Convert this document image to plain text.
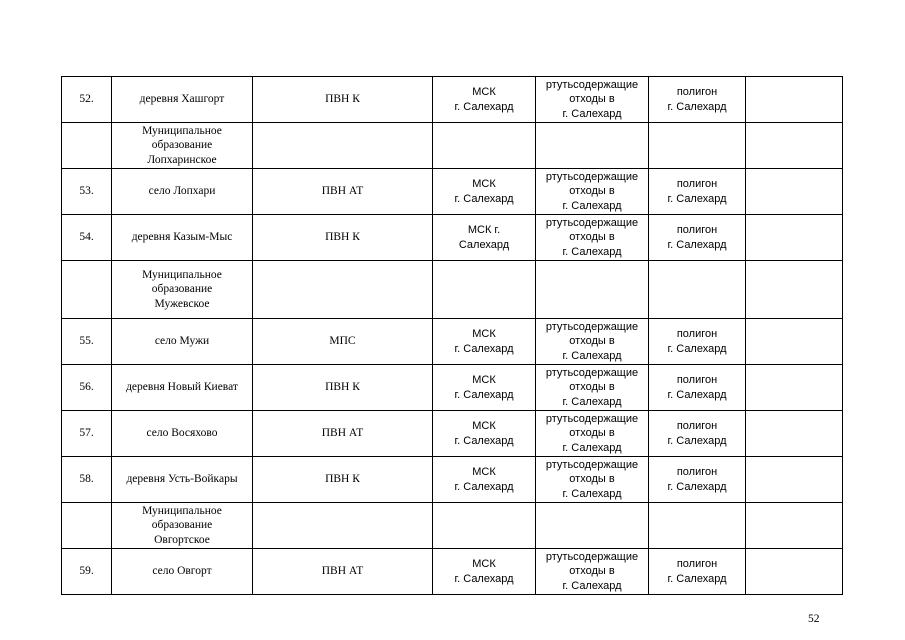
52.	деревня Хашгорт	ПВН К	МСК
г. Салехард	ртутьсодержащие
отходы в
г. Салехард	полигон
г. Салехард	

	Муниципальное
образование
Лопхаринское					

53.	село Лопхари	ПВН АТ	МСК
г. Салехард	ртутьсодержащие
отходы в
г. Салехард	полигон
г. Салехард	

54.	деревня Казым-Мыс	ПВН К	МСК г.
Салехард	ртутьсодержащие
отходы в
г. Салехард	полигон
г. Салехард	

	Муниципальное
образование
Мужевское					

55.	село Мужи	МПС	МСК
г. Салехард	ртутьсодержащие
отходы в
г. Салехард	полигон
г. Салехард	

56.	деревня Новый Киеват	ПВН К	МСК
г. Салехард	ртутьсодержащие
отходы в
г. Салехард	полигон
г. Салехард	

57.	село Восяхово	ПВН АТ	МСК
г. Салехард	ртутьсодержащие
отходы в
г. Салехард	полигон
г. Салехард	

58.	деревня Усть-Войкары	ПВН К	МСК
г. Салехард	ртутьсодержащие
отходы в
г. Салехард	полигон
г. Салехард	

	Муниципальное
образование
Овгортское					

59.	село Овгорт	ПВН АТ	МСК
г. Салехард	ртутьсодержащие
отходы в
г. Салехард	полигон
г. Салехард	

52
